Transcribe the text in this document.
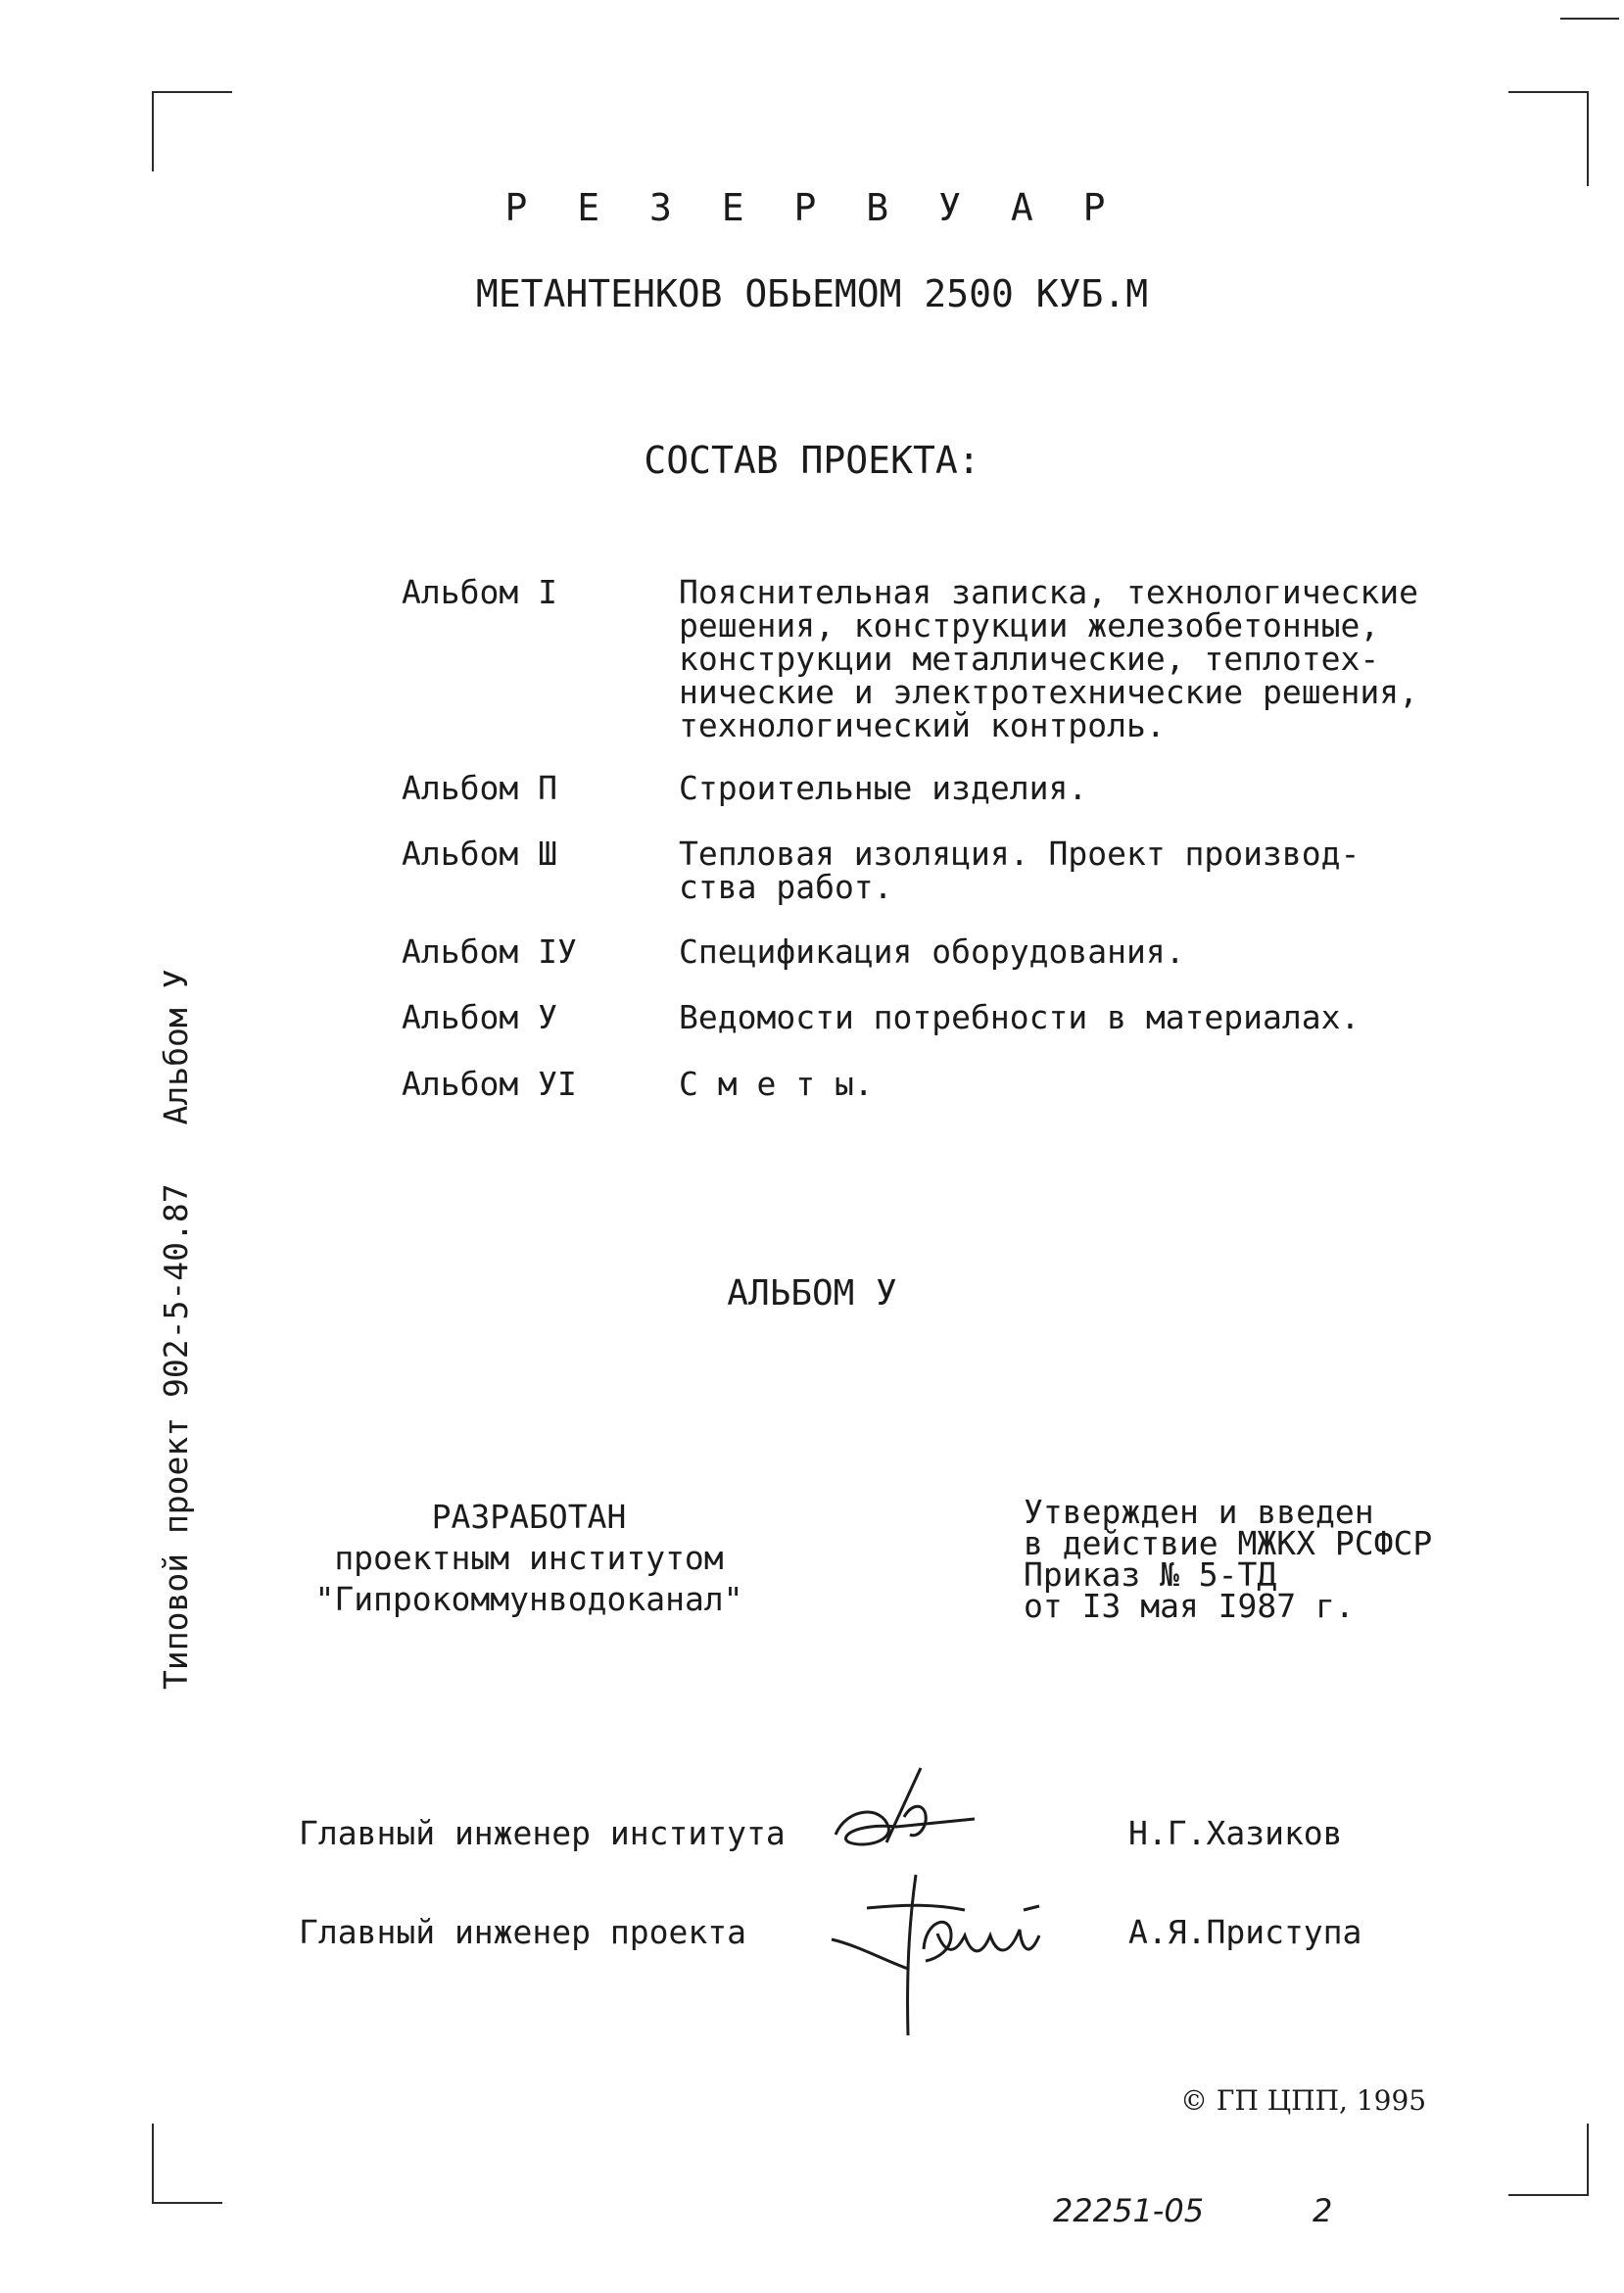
Р Е З Е Р В У А Р
МЕТАНТЕНКОВ ОБЬЕМОМ 2500 КУБ.М
СОСТАВ ПРОЕКТА:
Альбом I	Пояснительная записка, технологические
решения, конструкции железобетонные,
конструкции металлические, теплотех-
нические и электротехнические решения,
технологический контроль.
Альбом П	Строительные изделия.
Альбом Ш	Тепловая изоляция. Проект производ-
ства работ.
Альбом IУ	Спецификация оборудования.
Альбом У	Ведомости потребности в материалах.
Альбом УI	С м е т ы.
АЛЬБОМ У
РАЗРАБОТАН
проектным институтом
"Гипрокоммунводоканал"
Утвержден и введен
в действие МЖКХ РСФСР
Приказ № 5-ТД
от I3 мая I987 г.
Главный инженер института	Н.Г.Хазиков
Главный инженер проекта	А.Я.Приступа
Типовой проект 902-5-40.87Альбом У
© ГП ЦПП, 1995
22251-05	2
